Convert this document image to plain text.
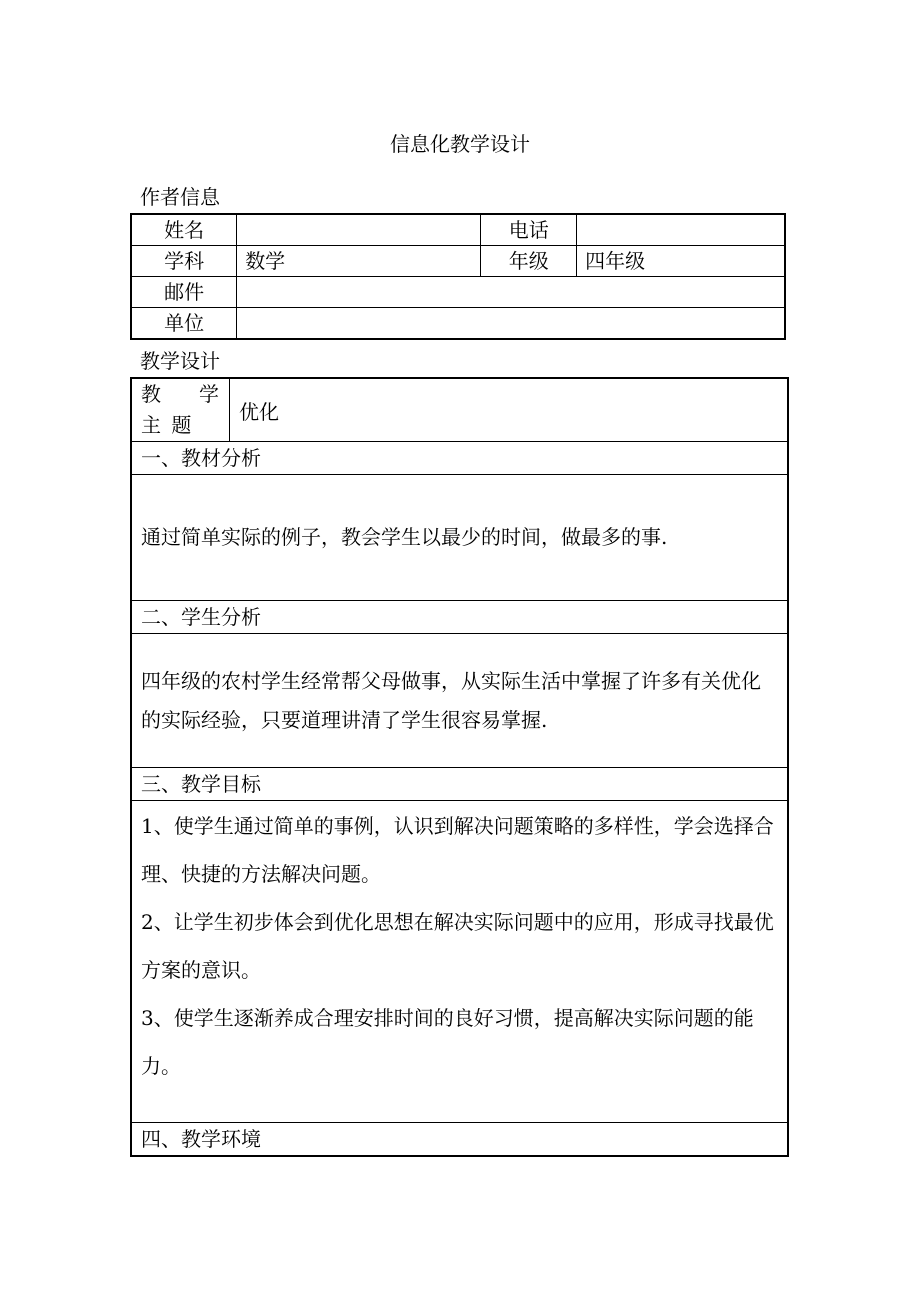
信息化教学设计
作者信息
姓名		电话	
学科	数学	年级	四年级
邮件			
单位			
教学设计
教 学 主 题	优化
一、教材分析
通过简单实际的例子，教会学生以最少的时间，做最多的事.
二、学生分析
四年级的农村学生经常帮父母做事，从实际生活中掌握了许多有关优化的实际经验，只要道理讲清了学生很容易掌握.
三、教学目标

1、使学生通过简单的事例，认识到解决问题策略的多样性，学会选择合理、快捷的方法解决问题。

2、让学生初步体会到优化思想在解决实际问题中的应用，形成寻找最优方案的意识。

3、使学生逐渐养成合理安排时间的良好习惯，提高解决实际问题的能力。

四、教学环境
